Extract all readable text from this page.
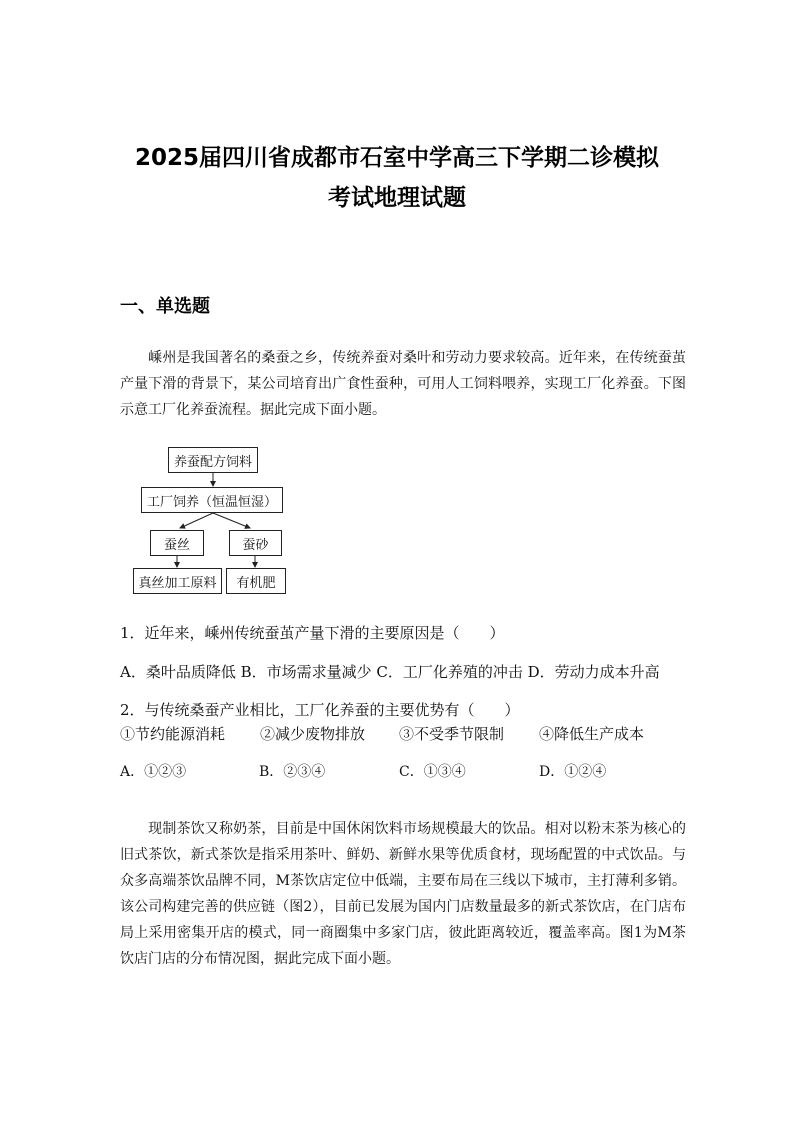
2025届四川省成都市石室中学高三下学期二诊模拟
考试地理试题
一、单选题
嵊州是我国著名的桑蚕之乡，传统养蚕对桑叶和劳动力要求较高。近年来，在传统蚕茧产量下滑的背景下，某公司培育出广食性蚕种，可用人工饲料喂养，实现工厂化养蚕。下图示意工厂化养蚕流程。据此完成下面小题。
养蚕配方饲料
工厂饲养（恒温恒湿）
蚕丝	蚕砂
真丝加工原料	有机肥
1．近年来，嵊州传统蚕茧产量下滑的主要原因是（　　）
A．桑叶品质降低 B．市场需求量减少 C．工厂化养殖的冲击 D．劳动力成本升高
2．与传统桑蚕产业相比，工厂化养蚕的主要优势有（　　）
①节约能源消耗 ②减少废物排放 ③不受季节限制 ④降低生产成本
A．①②③	B．②③④	C．①③④	D．①②④
现制茶饮又称奶茶，目前是中国休闲饮料市场规模最大的饮品。相对以粉末茶为核心的旧式茶饮，新式茶饮是指采用茶叶、鲜奶、新鲜水果等优质食材，现场配置的中式饮品。与众多高端茶饮品牌不同，M茶饮店定位中低端，主要布局在三线以下城市，主打薄利多销。该公司构建完善的供应链（图2），目前已发展为国内门店数量最多的新式茶饮店，在门店布局上采用密集开店的模式，同一商圈集中多家门店，彼此距离较近，覆盖率高。图1为M茶饮店门店的分布情况图，据此完成下面小题。
